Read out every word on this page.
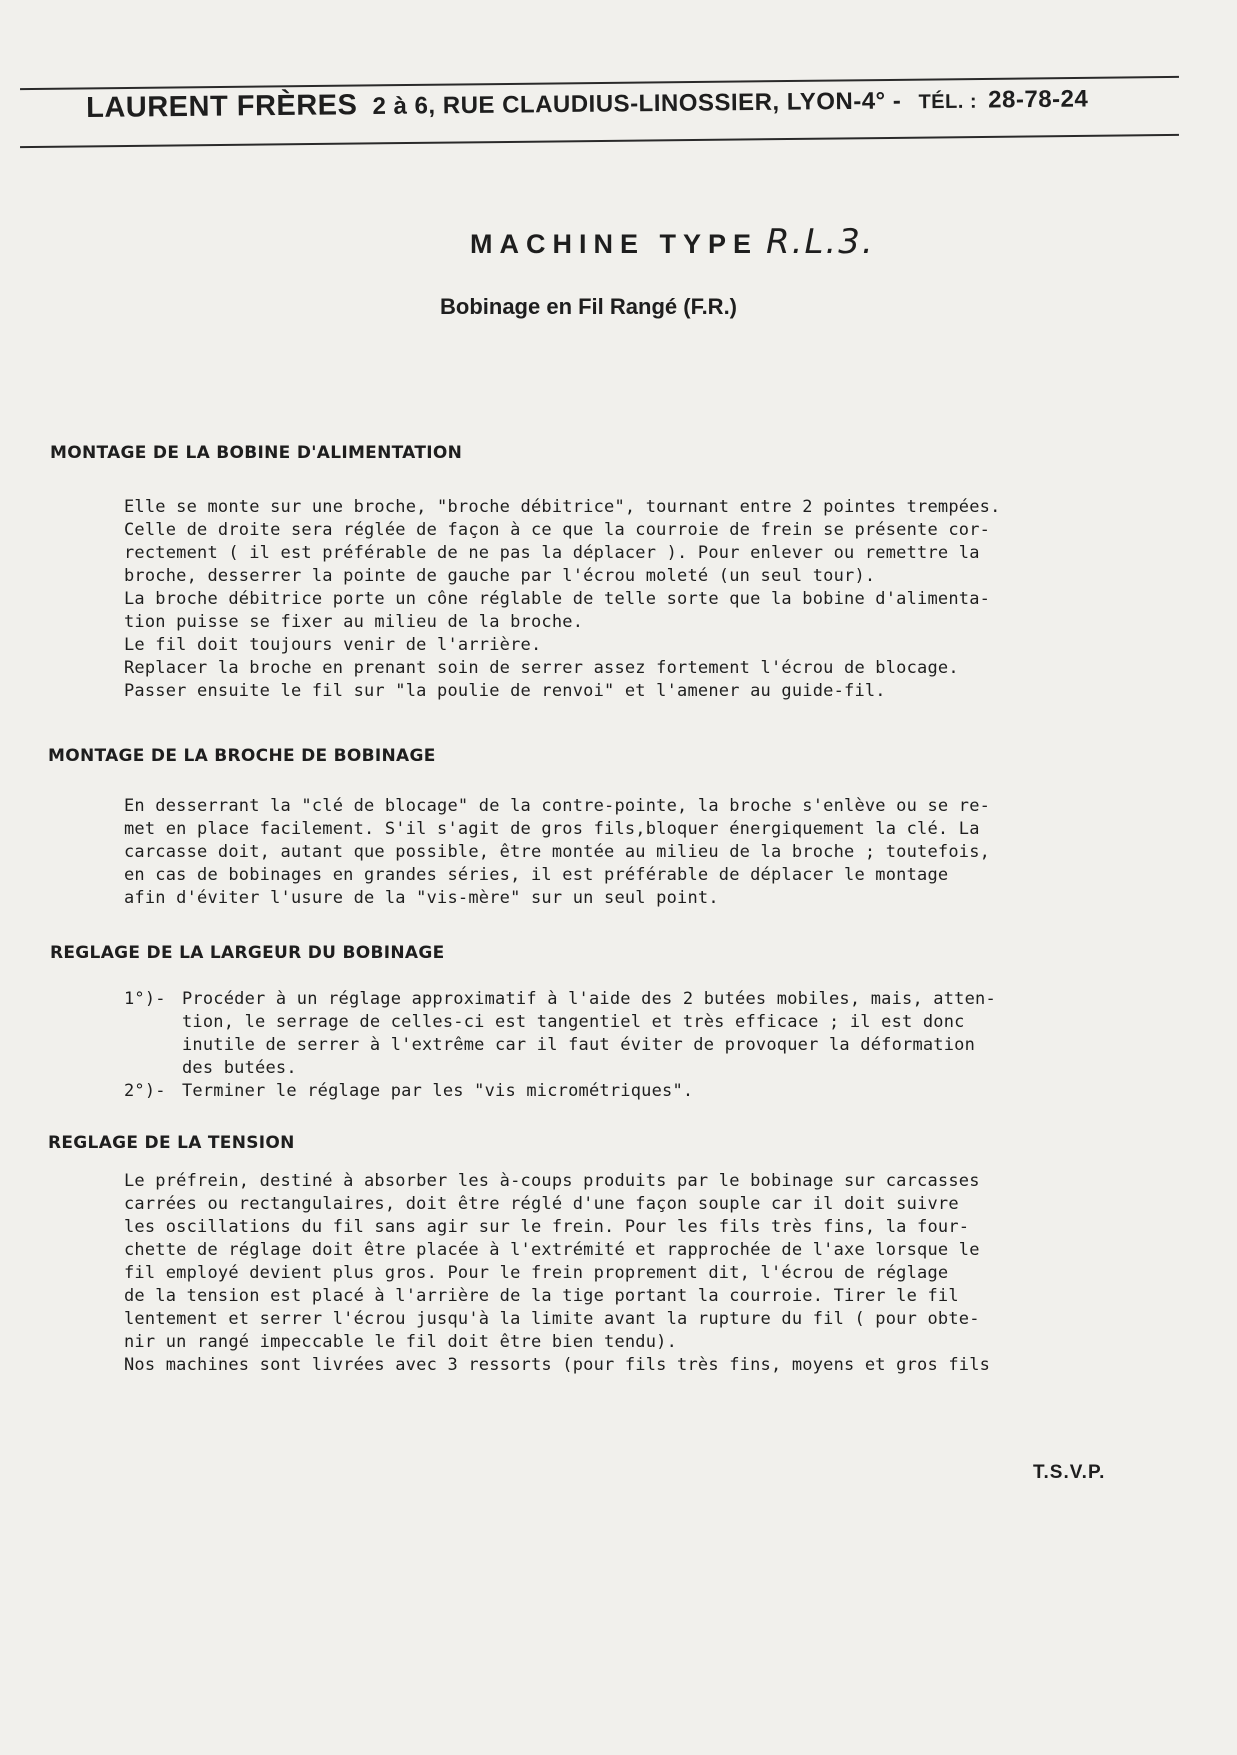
LAURENT FRÈRES 2 à 6, RUE CLAUDIUS-LINOSSIER, LYON-4° - TÉL. : 28-78-24
MACHINE TYPE R.L.3.
Bobinage en Fil Rangé (F.R.)
MONTAGE DE LA BOBINE D'ALIMENTATION

Elle se monte sur une broche, "broche débitrice", tournant entre 2 pointes trempées.
Celle de droite sera réglée de façon à ce que la courroie de frein se présente cor-
rectement ( il est préférable de ne pas la déplacer ). Pour enlever ou remettre la
broche, desserrer la pointe de gauche par l'écrou moleté (un seul tour).
La broche débitrice porte un cône réglable de telle sorte que la bobine d'alimenta-
tion puisse se fixer au milieu de la broche.
Le fil doit toujours venir de l'arrière.
Replacer la broche en prenant soin de serrer assez fortement l'écrou de blocage.
Passer ensuite le fil sur "la poulie de renvoi" et l'amener au guide-fil.

MONTAGE DE LA BROCHE DE BOBINAGE

En desserrant la "clé de blocage" de la contre-pointe, la broche s'enlève ou se re-
met en place facilement. S'il s'agit de gros fils,bloquer énergiquement la clé. La
carcasse doit, autant que possible, être montée au milieu de la broche ; toutefois,
en cas de bobinages en grandes séries, il est préférable de déplacer le montage
afin d'éviter l'usure de la "vis-mère" sur un seul point.

REGLAGE DE LA LARGEUR DU BOBINAGE

1°)- Procéder à un réglage approximatif à l'aide des 2 butées mobiles, mais, atten-
tion, le serrage de celles-ci est tangentiel et très efficace ; il est donc
inutile de serrer à l'extrême car il faut éviter de provoquer la déformation
des butées.
2°)- Terminer le réglage par les "vis micrométriques".

REGLAGE DE LA TENSION

Le préfrein, destiné à absorber les à-coups produits par le bobinage sur carcasses
carrées ou rectangulaires, doit être réglé d'une façon souple car il doit suivre
les oscillations du fil sans agir sur le frein. Pour les fils très fins, la four-
chette de réglage doit être placée à l'extrémité et rapprochée de l'axe lorsque le
fil employé devient plus gros. Pour le frein proprement dit, l'écrou de réglage
de la tension est placé à l'arrière de la tige portant la courroie. Tirer le fil
lentement et serrer l'écrou jusqu'à la limite avant la rupture du fil ( pour obte-
nir un rangé impeccable le fil doit être bien tendu).
Nos machines sont livrées avec 3 ressorts (pour fils très fins, moyens et gros fils

T.S.V.P.
